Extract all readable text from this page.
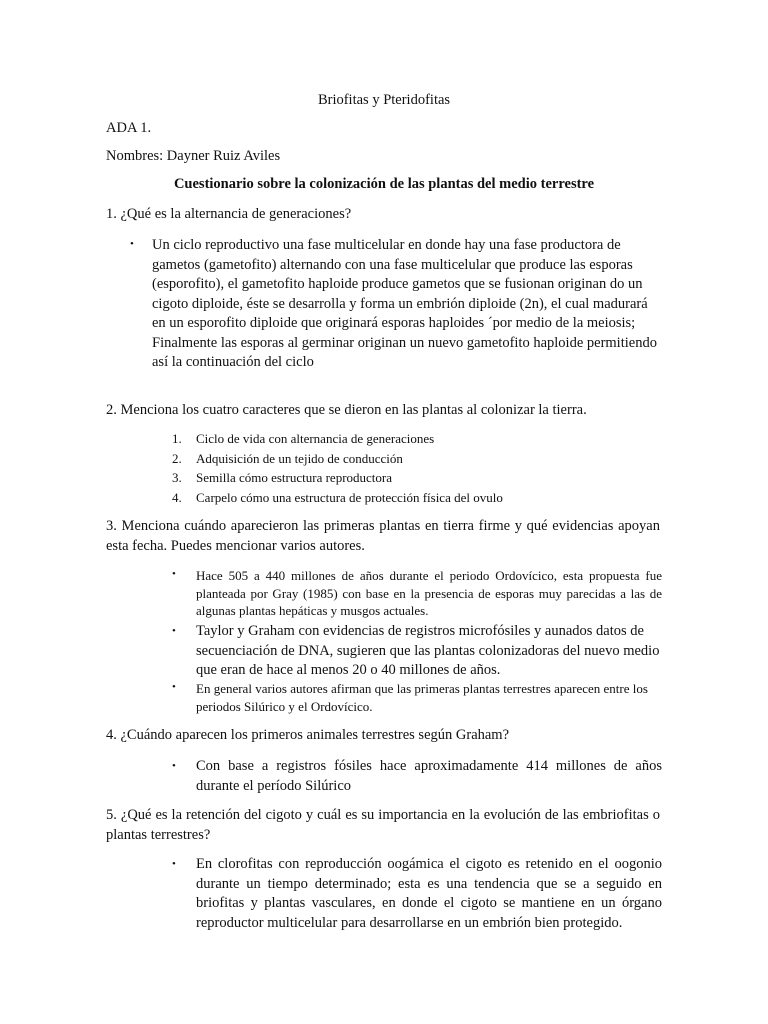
Briofitas y Pteridofitas
ADA 1.
Nombres: Dayner Ruiz Aviles
Cuestionario sobre la colonización de las plantas del medio terrestre
1. ¿Qué es la alternancia de generaciones?
• Un ciclo reproductivo una fase multicelular en donde hay una fase productora de gametos (gametofito) alternando con una fase multicelular que produce las esporas (esporofito), el gametofito haploide produce gametos que se fusionan originan do un cigoto diploide, éste se desarrolla y forma un embrión diploide (2n), el cual madurará en un esporofito diploide que originará esporas haploides ´por medio de la meiosis; Finalmente las esporas al germinar originan un nuevo gametofito haploide permitiendo así la continuación del ciclo
2. Menciona los cuatro caracteres que se dieron en las plantas al colonizar la tierra.
1.	Ciclo de vida con alternancia de generaciones
2.	Adquisición de un tejido de conducción
3.	Semilla cómo estructura reproductora
4.	Carpelo cómo una estructura de protección física del ovulo
3. Menciona cuándo aparecieron las primeras plantas en tierra firme y qué evidencias apoyan esta fecha. Puedes mencionar varios autores.
• Hace 505 a 440 millones de años durante el periodo Ordovícico, esta propuesta fue planteada por Gray (1985) con base en la presencia de esporas muy parecidas a las de algunas plantas hepáticas y musgos actuales.
• Taylor y Graham con evidencias de registros microfósiles y aunados datos de secuenciación de DNA, sugieren que las plantas colonizadoras del nuevo medio que eran de hace al menos 20 o 40 millones de años.
• En general varios autores afirman que las primeras plantas terrestres aparecen entre los periodos Silúrico y el Ordovícico.
4. ¿Cuándo aparecen los primeros animales terrestres según Graham?
• Con base a registros fósiles hace aproximadamente 414 millones de años durante el período Silúrico
5. ¿Qué es la retención del cigoto y cuál es su importancia en la evolución de las embriofitas o plantas terrestres?
• En clorofitas con reproducción oogámica el cigoto es retenido en el oogonio durante un tiempo determinado; esta es una tendencia que se a seguido en briofitas y plantas vasculares, en donde el cigoto se mantiene en un órgano reproductor multicelular para desarrollarse en un embrión bien protegido.
